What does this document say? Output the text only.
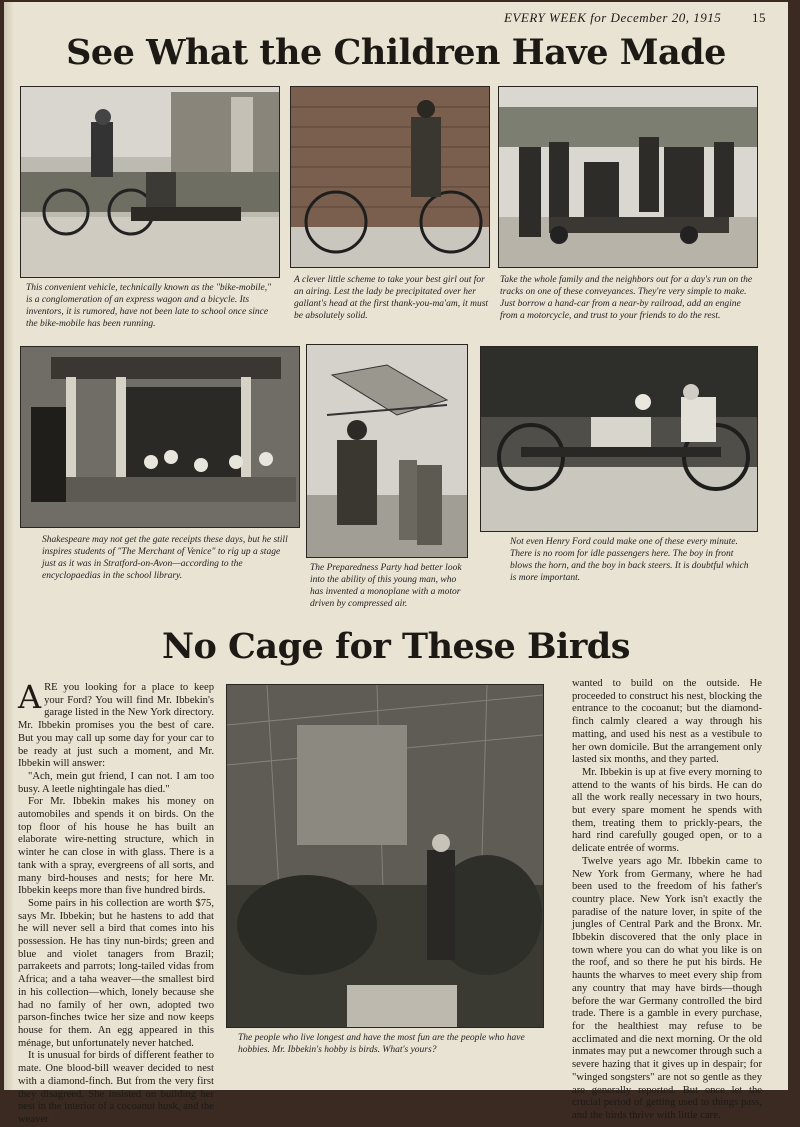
EVERY WEEK for December 20, 1915 15
See What the Children Have Made
This convenient vehicle, technically known as the "bike-mobile," is a conglomeration of an express wagon and a bicycle. Its inventors, it is rumored, have not been late to school once since the bike-mobile has been running.
A clever little scheme to take your best girl out for an airing. Lest the lady be precipitated over her gallant's head at the first thank-you-ma'am, it must be absolutely solid.
Take the whole family and the neighbors out for a day's run on the tracks on one of these conveyances. They're very simple to make. Just borrow a hand-car from a near-by railroad, add an engine from a motorcycle, and trust to your friends to do the rest.
Shakespeare may not get the gate receipts these days, but he still inspires students of "The Merchant of Venice" to rig up a stage just as it was in Stratford-on-Avon—according to the encyclopaedias in the school library.
The Preparedness Party had better look into the ability of this young man, who has invented a monoplane with a motor driven by compressed air.
Not even Henry Ford could make one of these every minute. There is no room for idle passengers here. The boy in front blows the horn, and the boy in back steers. It is doubtful which is more important.
No Cage for These Birds

ARE you looking for a place to keep your Ford? You will find Mr. Ibbekin's garage listed in the New York directory. Mr. Ibbekin promises you the best of care. But you may call up some day for your car to be ready at just such a moment, and Mr. Ibbekin will answer:

"Ach, mein gut friend, I can not. I am too busy. A leetle nightingale has died."

For Mr. Ibbekin makes his money on automobiles and spends it on birds. On the top floor of his house he has built an elaborate wire-netting structure, which in winter he can close in with glass. There is a tank with a spray, evergreens of all sorts, and many bird-houses and nests; for here Mr. Ibbekin keeps more than five hundred birds.

Some pairs in his collection are worth $75, says Mr. Ibbekin; but he hastens to add that he will never sell a bird that comes into his possession. He has tiny nun-birds; green and blue and violet tanagers from Brazil; parrakeets and parrots; long-tailed vidas from Africa; and a taha weaver—the smallest bird in his collection—which, lonely because she had no family of her own, adopted two parson-finches twice her size and now keeps house for them. An egg appeared in this ménage, but unfortunately never hatched.

It is unusual for birds of different feather to mate. One blood-bill weaver decided to nest with a diamond-finch. But from the very first they disagreed. She insisted on building her nest in the interior of a cocoanut husk, and the weaver

The people who live longest and have the most fun are the people who have hobbies. Mr. Ibbekin's hobby is birds. What's yours?

wanted to build on the outside. He proceeded to construct his nest, blocking the entrance to the cocoanut; but the diamond-finch calmly cleared a way through his matting, and used his nest as a vestibule to her own domicile. But the arrangement only lasted six months, and they parted.

Mr. Ibbekin is up at five every morning to attend to the wants of his birds. He can do all the work really necessary in two hours, but every spare moment he spends with them, treating them to prickly-pears, the hard rind carefully gouged open, or to a delicate entrée of worms.

Twelve years ago Mr. Ibbekin came to New York from Germany, where he had been used to the freedom of his father's country place. New York isn't exactly the paradise of the nature lover, in spite of the jungles of Central Park and the Bronx. Mr. Ibbekin discovered that the only place in town where you can do what you like is on the roof, and so there he put his birds. He haunts the wharves to meet every ship from any country that may have birds—though before the war Germany controlled the bird trade. There is a gamble in every purchase, for the healthiest may refuse to be acclimated and die next morning. Or the old inmates may put a newcomer through such a severe hazing that it gives up in despair; for "winged songsters" are not so gentle as they are generally reported. But once let the crucial period of getting used to things pass, and the birds thrive with little care.
